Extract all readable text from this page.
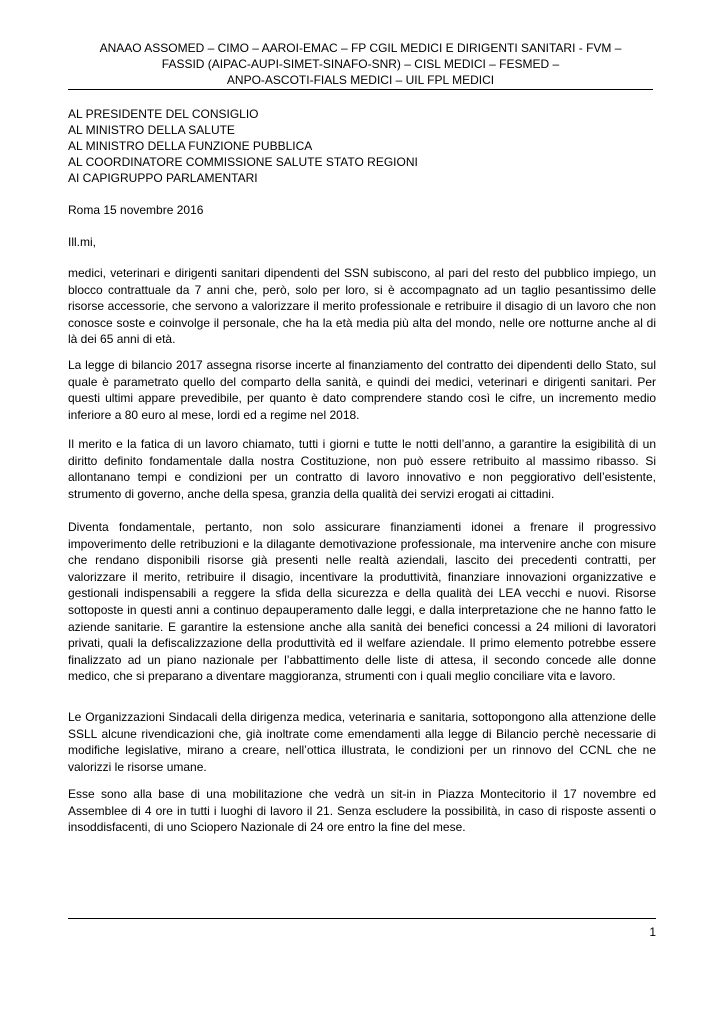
ANAAO ASSOMED – CIMO – AAROI-EMAC – FP CGIL MEDICI E DIRIGENTI SANITARI - FVM –
FASSID (AIPAC-AUPI-SIMET-SINAFO-SNR) – CISL MEDICI – FESMED –
ANPO-ASCOTI-FIALS MEDICI – UIL FPL MEDICI
AL PRESIDENTE DEL CONSIGLIO
AL MINISTRO DELLA SALUTE
AL MINISTRO DELLA FUNZIONE PUBBLICA
AL COORDINATORE COMMISSIONE SALUTE STATO REGIONI
AI CAPIGRUPPO PARLAMENTARI
Roma 15 novembre 2016
Ill.mi,

medici, veterinari e dirigenti sanitari dipendenti del SSN subiscono, al pari del resto del pubblico impiego, un blocco contrattuale da 7 anni che, però, solo per loro, si è accompagnato ad un taglio pesantissimo delle risorse accessorie, che servono a valorizzare il merito professionale e retribuire il disagio di un lavoro che non conosce soste e coinvolge il personale, che ha la età media più alta del mondo, nelle ore notturne anche al di là dei 65 anni di età.

La legge di bilancio 2017 assegna risorse incerte al finanziamento del contratto dei dipendenti dello Stato, sul quale è parametrato quello del comparto della sanità, e quindi dei medici, veterinari e dirigenti sanitari. Per questi ultimi appare prevedibile, per quanto è dato comprendere stando così le cifre, un incremento medio inferiore a 80 euro al mese, lordi ed a regime nel 2018.

Il merito e la fatica di un lavoro chiamato, tutti i giorni e tutte le notti dell’anno, a garantire la esigibilità di un diritto definito fondamentale dalla nostra Costituzione, non può essere retribuito al massimo ribasso. Si allontanano tempi e condizioni per un contratto di lavoro innovativo e non peggiorativo dell’esistente, strumento di governo, anche della spesa, granzia della qualità dei servizi erogati ai cittadini.

Diventa fondamentale, pertanto, non solo assicurare finanziamenti idonei a frenare il progressivo impoverimento delle retribuzioni e la dilagante demotivazione professionale, ma intervenire anche con misure che rendano disponibili risorse già presenti nelle realtà aziendali, lascito dei precedenti contratti, per valorizzare il merito, retribuire il disagio, incentivare la produttività, finanziare innovazioni organizzative e gestionali indispensabili a reggere la sfida della sicurezza e della qualità dei LEA vecchi e nuovi. Risorse sottoposte in questi anni a continuo depauperamento dalle leggi, e dalla interpretazione che ne hanno fatto le aziende sanitarie. E garantire la estensione anche alla sanità dei benefici concessi a 24 milioni di lavoratori privati, quali la defiscalizzazione della produttività ed il welfare aziendale. Il primo elemento potrebbe essere finalizzato ad un piano nazionale per l’abbattimento delle liste di attesa, il secondo concede alle donne medico, che si preparano a diventare maggioranza, strumenti con i quali meglio conciliare vita e lavoro.

Le Organizzazioni Sindacali della dirigenza medica, veterinaria e sanitaria, sottopongono alla attenzione delle SSLL alcune rivendicazioni che, già inoltrate come emendamenti alla legge di Bilancio perchè necessarie di modifiche legislative, mirano a creare, nell’ottica illustrata, le condizioni per un rinnovo del CCNL che ne valorizzi le risorse umane.

Esse sono alla base di una mobilitazione che vedrà un sit-in in Piazza Montecitorio il 17 novembre ed Assemblee di 4 ore in tutti i luoghi di lavoro il 21. Senza escludere la possibilità, in caso di risposte assenti o insoddisfacenti, di uno Sciopero Nazionale di 24 ore entro la fine del mese.

1
